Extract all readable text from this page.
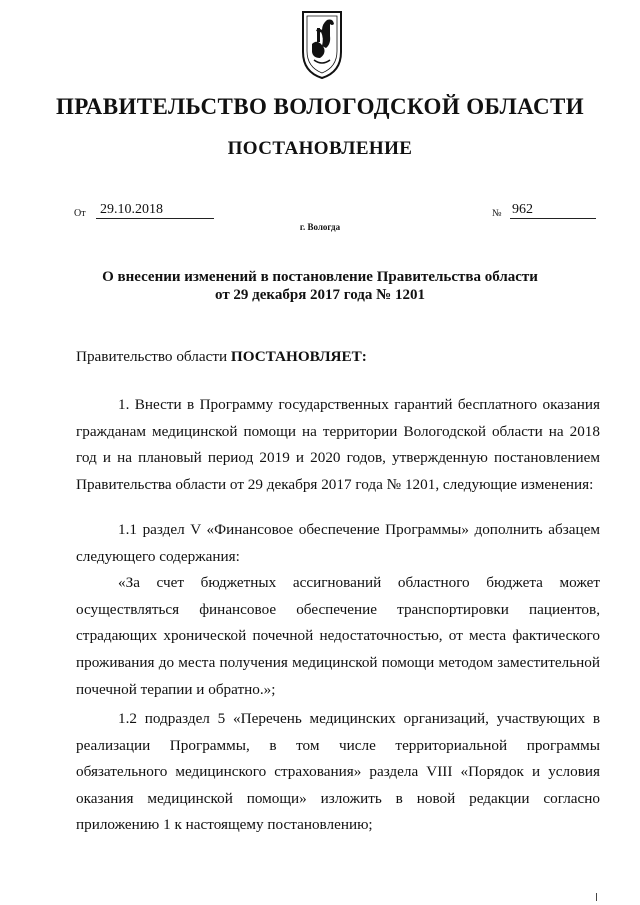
ПРАВИТЕЛЬСТВО ВОЛОГОДСКОЙ ОБЛАСТИ
ПОСТАНОВЛЕНИЕ
От 29.10.2018	№ 962
г. Вологда
О внесении изменений в постановление Правительства области
от 29 декабря 2017 года № 1201
Правительство области ПОСТАНОВЛЯЕТ:
1. Внести в Программу государственных гарантий бесплатного оказания гражданам медицинской помощи на территории Вологодской области на 2018 год и на плановый период 2019 и 2020 годов, утвержденную постановлением Правительства области от 29 декабря 2017 года № 1201, следующие изменения:
1.1 раздел V «Финансовое обеспечение Программы» дополнить абзацем следующего содержания:
«За счет бюджетных ассигнований областного бюджета может осуществляться финансовое обеспечение транспортировки пациентов, страдающих хронической почечной недостаточностью, от места фактического проживания до места получения медицинской помощи методом заместительной почечной терапии и обратно.»;
1.2 подраздел 5 «Перечень медицинских организаций, участвующих в реализации Программы, в том числе территориальной программы обязательного медицинского страхования» раздела VIII «Порядок и условия оказания медицинской помощи» изложить в новой редакции согласно приложению 1 к настоящему постановлению;
